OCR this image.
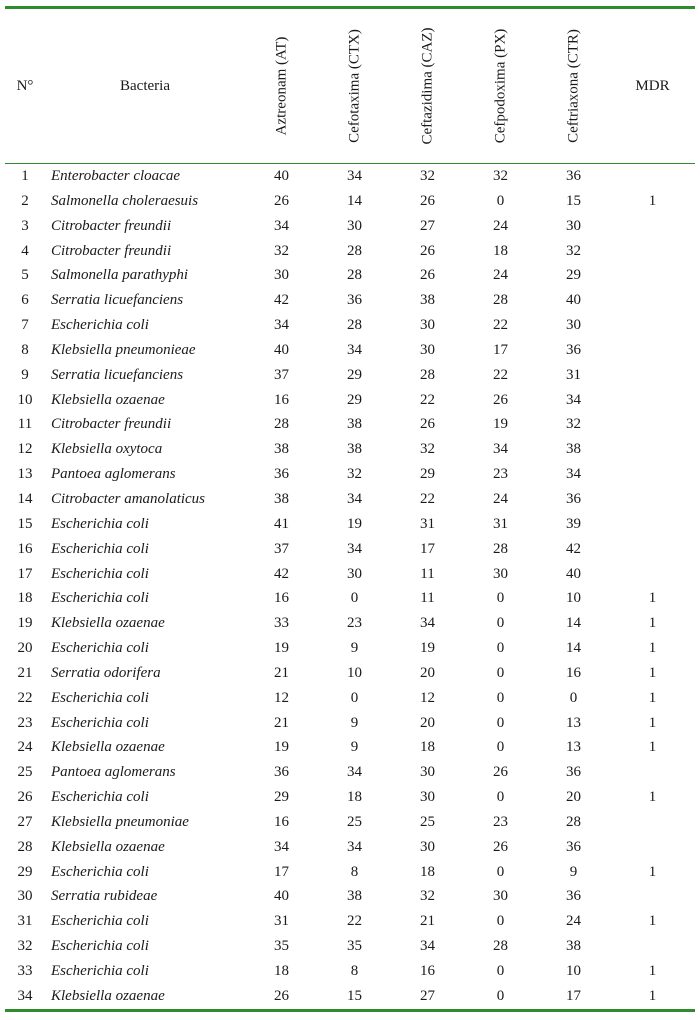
N°	Bacteria	Aztreonam (AT)	Cefotaxima (CTX)	Ceftazidima (CAZ)	Cefpodoxima (PX)	Ceftriaxona (CTR)	MDR
1	Enterobacter cloacae	40	34	32	32	36	
2	Salmonella choleraesuis	26	14	26	0	15	1
3	Citrobacter freundii	34	30	27	24	30	
4	Citrobacter freundii	32	28	26	18	32	
5	Salmonella parathyphi	30	28	26	24	29	
6	Serratia licuefanciens	42	36	38	28	40	
7	Escherichia coli	34	28	30	22	30	
8	Klebsiella pneumonieae	40	34	30	17	36	
9	Serratia licuefanciens	37	29	28	22	31	
10	Klebsiella ozaenae	16	29	22	26	34	
11	Citrobacter freundii	28	38	26	19	32	
12	Klebsiella oxytoca	38	38	32	34	38	
13	Pantoea aglomerans	36	32	29	23	34	
14	Citrobacter amanolaticus	38	34	22	24	36	
15	Escherichia coli	41	19	31	31	39	
16	Escherichia coli	37	34	17	28	42	
17	Escherichia coli	42	30	11	30	40	
18	Escherichia coli	16	0	11	0	10	1
19	Klebsiella ozaenae	33	23	34	0	14	1
20	Escherichia coli	19	9	19	0	14	1
21	Serratia odorifera	21	10	20	0	16	1
22	Escherichia coli	12	0	12	0	0	1
23	Escherichia coli	21	9	20	0	13	1
24	Klebsiella ozaenae	19	9	18	0	13	1
25	Pantoea aglomerans	36	34	30	26	36	
26	Escherichia coli	29	18	30	0	20	1
27	Klebsiella pneumoniae	16	25	25	23	28	
28	Klebsiella ozaenae	34	34	30	26	36	
29	Escherichia coli	17	8	18	0	9	1
30	Serratia rubideae	40	38	32	30	36	
31	Escherichia coli	31	22	21	0	24	1
32	Escherichia coli	35	35	34	28	38	
33	Escherichia coli	18	8	16	0	10	1
34	Klebsiella ozaenae	26	15	27	0	17	1
